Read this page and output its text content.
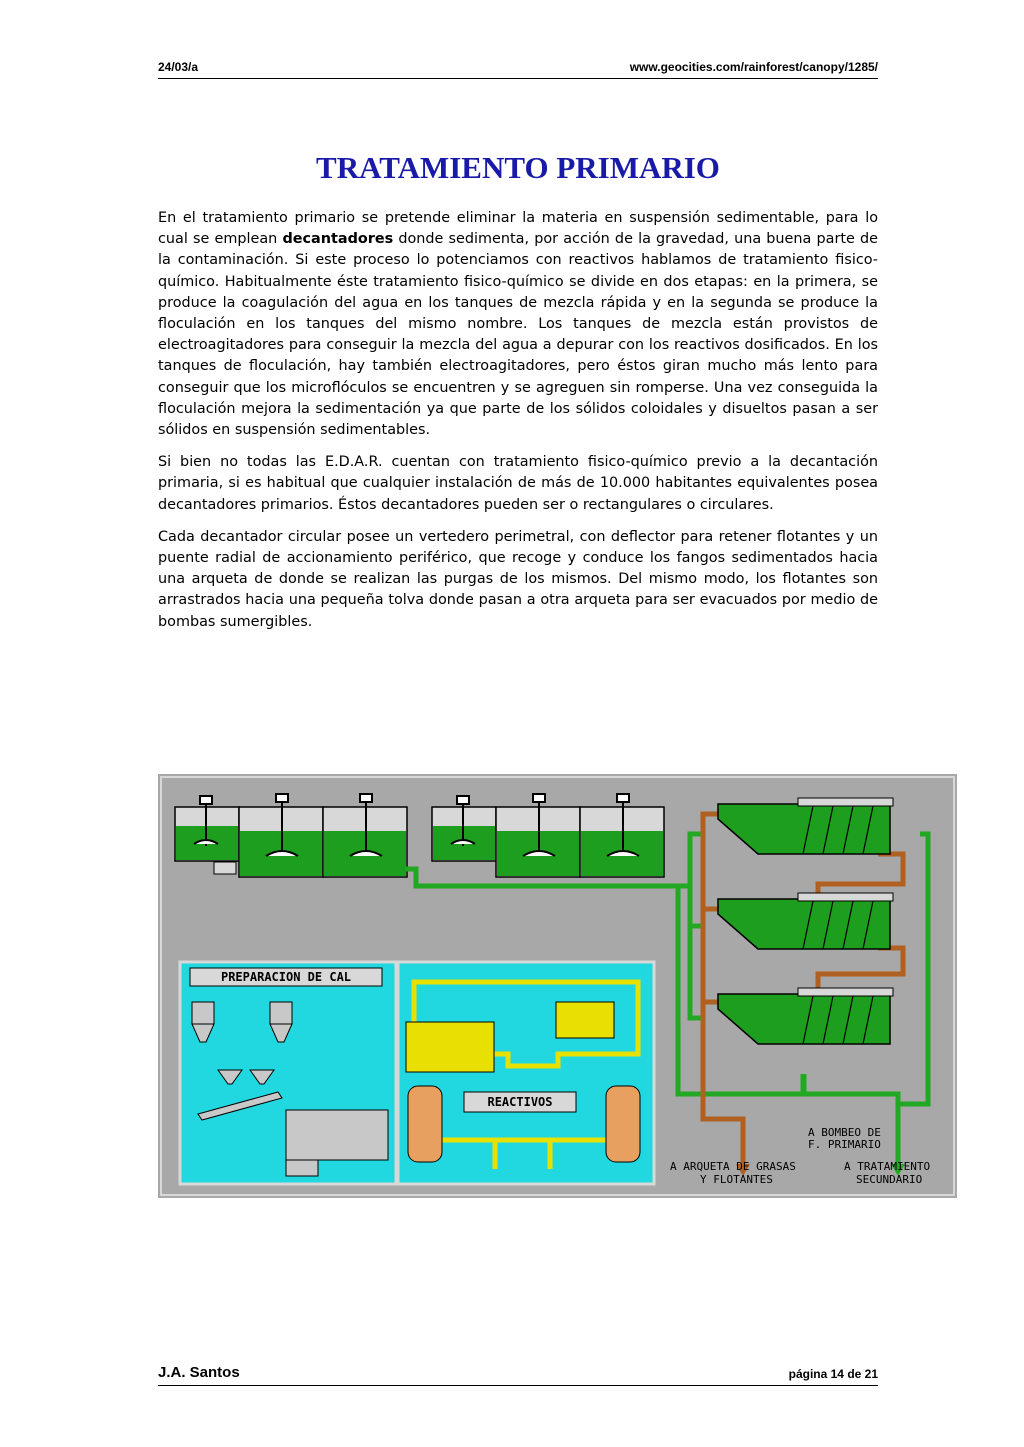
24/03/a	www.geocities.com/rainforest/canopy/1285/
TRATAMIENTO PRIMARIO

En el tratamiento primario se pretende eliminar la materia en suspensión sedimentable, para lo cual se emplean decantadores donde sedimenta, por acción de la gravedad, una buena parte de la contaminación. Si este proceso lo potenciamos con reactivos hablamos de tratamiento fisico-químico. Habitualmente éste tratamiento fisico-químico se divide en dos etapas: en la primera, se produce la coagulación del agua en los tanques de mezcla rápida y en la segunda se produce la floculación en los tanques del mismo nombre. Los tanques de mezcla están provistos de electroagitadores para conseguir la mezcla del agua a depurar con los reactivos dosificados. En los tanques de floculación, hay también electroagitadores, pero éstos giran mucho más lento para conseguir que los microflóculos se encuentren y se agreguen sin romperse. Una vez conseguida la floculación mejora la sedimentación ya que parte de los sólidos coloidales y disueltos pasan a ser sólidos en suspensión sedimentables.

Si bien no todas las E.D.A.R. cuentan con tratamiento fisico-químico previo a la decantación primaria, si es habitual que cualquier instalación de más de 10.000 habitantes equivalentes posea decantadores primarios. Éstos decantadores pueden ser o rectangulares o circulares.

Cada decantador circular posee un vertedero perimetral, con deflector para retener flotantes y un puente radial de accionamiento periférico, que recoge y conduce los fangos sedimentados hacia una arqueta de donde se realizan las purgas de los mismos. Del mismo modo, los flotantes son arrastrados hacia una pequeña tolva donde pasan a otra arqueta para ser evacuados por medio de bombas sumergibles.

PREPARACION DE CAL
REACTIVOS
A BOMBEO DE
F. PRIMARIO
A ARQUETA DE GRASAS
Y FLOTANTES
A TRATAMIENTO
SECUNDARIO
J.A. Santos	página 14 de 21
